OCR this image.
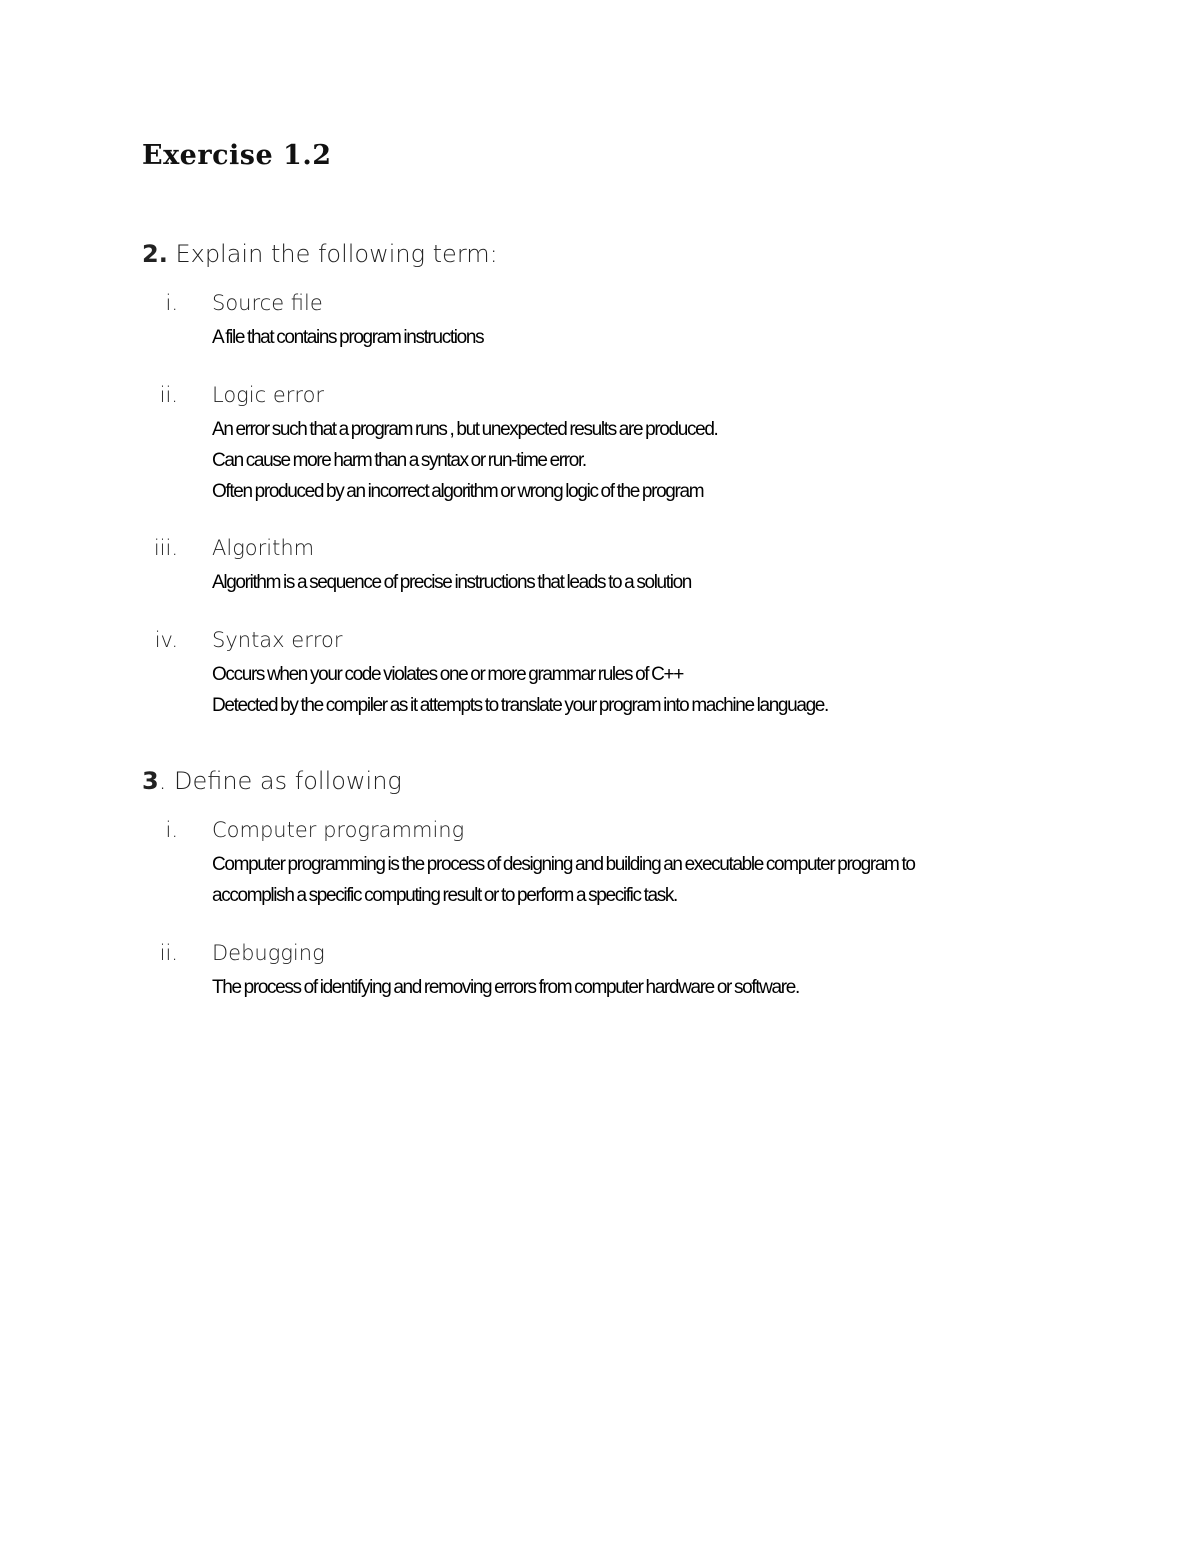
Exercise 1.2

2. Explain the following term:

i. Source file
A file that contains program instructions
ii. Logic error
An error such that a program runs , but unexpected results are produced.
Can cause more harm than a syntax or run-time error.
Often produced by an incorrect algorithm or wrong logic of the program
iii. Algorithm
Algorithm is a sequence of precise instructions that leads to a solution
iv. Syntax error
Occurs when your code violates one or more grammar rules of C++
Detected by the compiler as it attempts to translate your program into machine language.

3. Define as following

i. Computer programming
Computer programming is the process of designing and building an executable computer program to
accomplish a specific computing result or to perform a specific task.
ii. Debugging
The process of identifying and removing errors from computer hardware or software.
